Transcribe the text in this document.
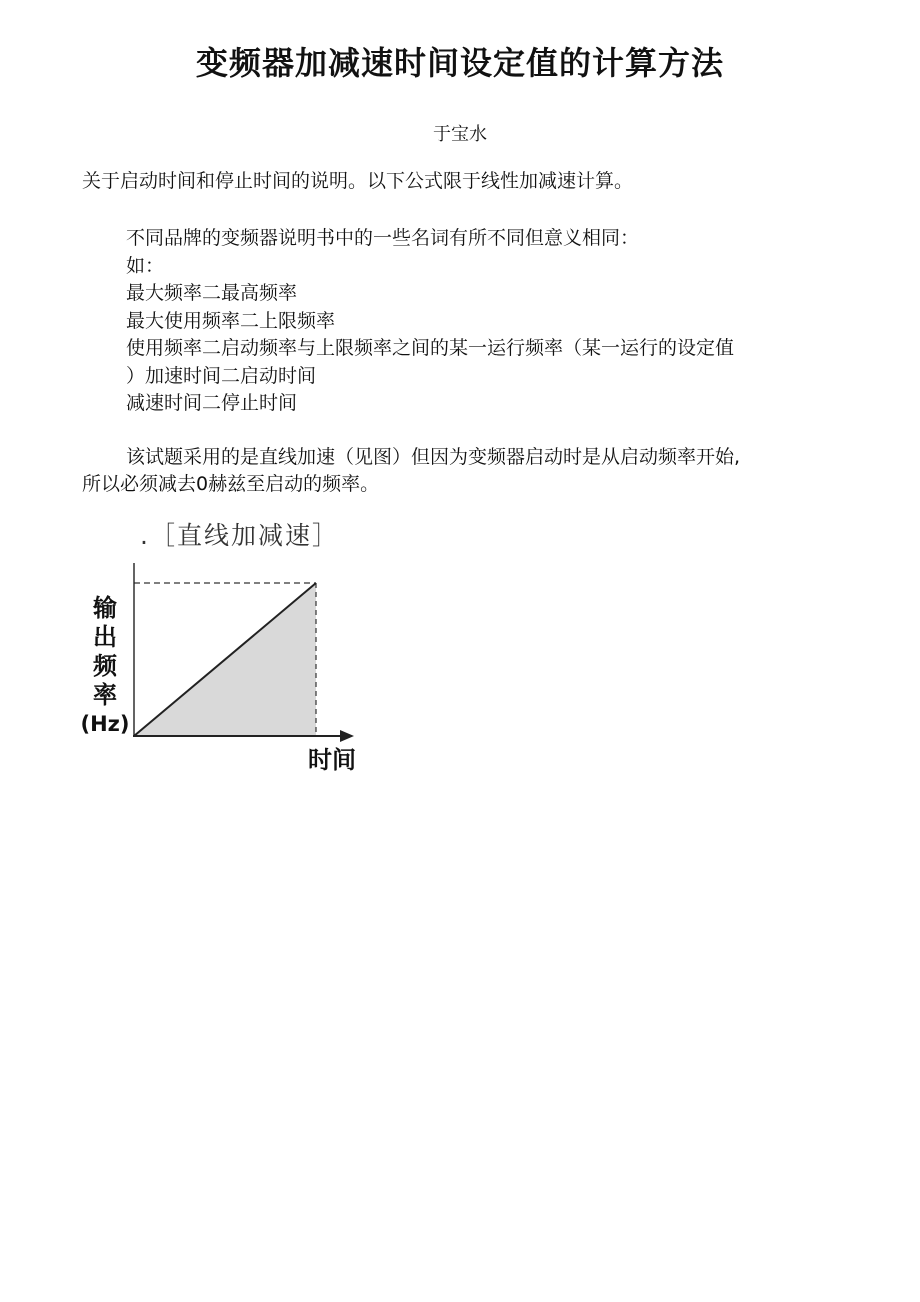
变频器加减速时间设定值的计算方法
于宝水
关于启动时间和停止时间的说明。以下公式限于线性加减速计算。
不同品牌的变频器说明书中的一些名词有所不同但意义相同：
如：
最大频率二最高频率
最大使用频率二上限频率
使用频率二启动频率与上限频率之间的某一运行频率（某一运行的设定值
）加速时间二启动时间
减速时间二停止时间
该试题采用的是直线加速（见图）但因为变频器启动时是从启动频率开始,
所以必须减去0赫兹至启动的频率。
.［直线加减速］
输
出
频
率
(Hz)
时间
